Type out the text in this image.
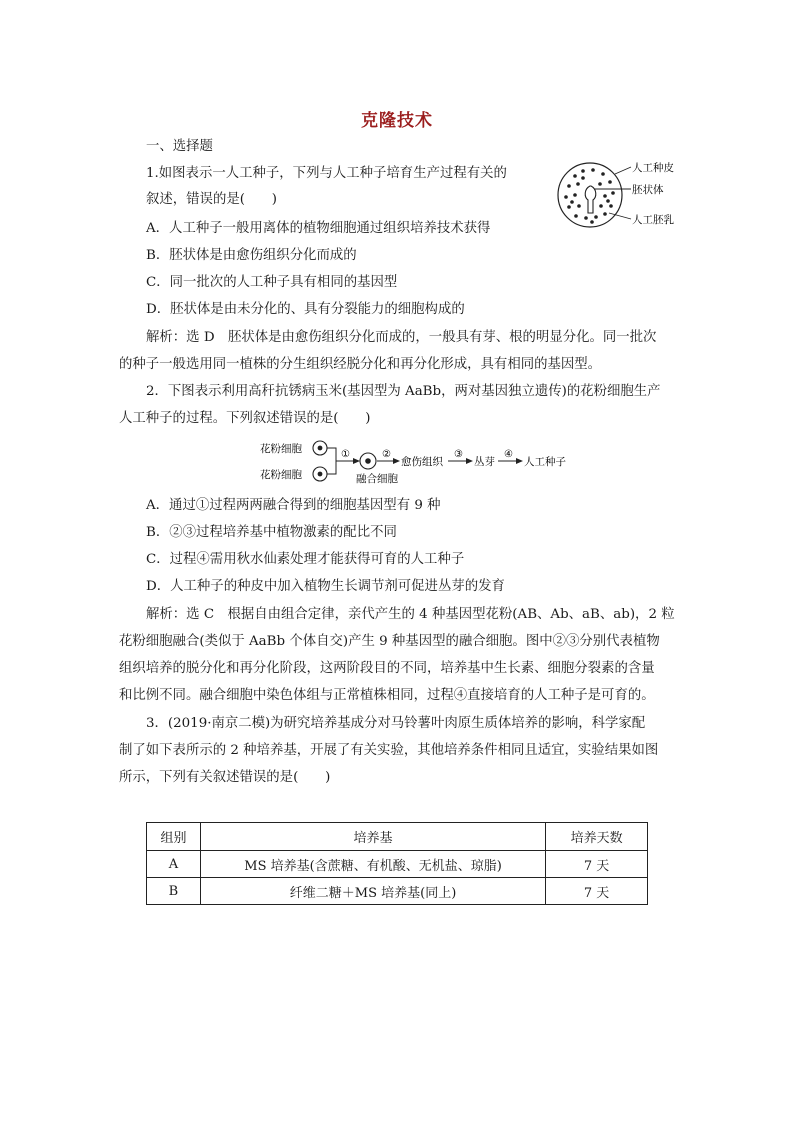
克隆技术
一、选择题
1.如图表示一人工种子，下列与人工种子培育生产过程有关的
叙述，错误的是(　　)
人工种皮
胚状体
人工胚乳
A．人工种子一般用离体的植物细胞通过组织培养技术获得
B．胚状体是由愈伤组织分化而成的
C．同一批次的人工种子具有相同的基因型
D．胚状体是由未分化的、具有分裂能力的细胞构成的
解析：选 D　胚状体是由愈伤组织分化而成的，一般具有芽、根的明显分化。同一批次
的种子一般选用同一植株的分生组织经脱分化和再分化形成，具有相同的基因型。
2．下图表示利用高秆抗锈病玉米(基因型为 AaBb，两对基因独立遗传)的花粉细胞生产
人工种子的过程。下列叙述错误的是(　　)
花粉细胞
花粉细胞
①
融合细胞
②
愈伤组织
③
丛芽
④
人工种子
A．通过①过程两两融合得到的细胞基因型有 9 种
B．②③过程培养基中植物激素的配比不同
C．过程④需用秋水仙素处理才能获得可育的人工种子
D．人工种子的种皮中加入植物生长调节剂可促进丛芽的发育
解析：选 C　根据自由组合定律，亲代产生的 4 种基因型花粉(AB、Ab、aB、ab)，2 粒
花粉细胞融合(类似于 AaBb 个体自交)产生 9 种基因型的融合细胞。图中②③分别代表植物
组织培养的脱分化和再分化阶段，这两阶段目的不同，培养基中生长素、细胞分裂素的含量
和比例不同。融合细胞中染色体组与正常植株相同，过程④直接培育的人工种子是可育的。
3．(2019·南京二模)为研究培养基成分对马铃薯叶肉原生质体培养的影响，科学家配
制了如下表所示的 2 种培养基，开展了有关实验，其他培养条件相同且适宜，实验结果如图
所示，下列有关叙述错误的是(　　)
组别	培养基	培养天数
A	MS 培养基(含蔗糖、有机酸、无机盐、琼脂)	7 天
B	纤维二糖＋MS 培养基(同上)	7 天
